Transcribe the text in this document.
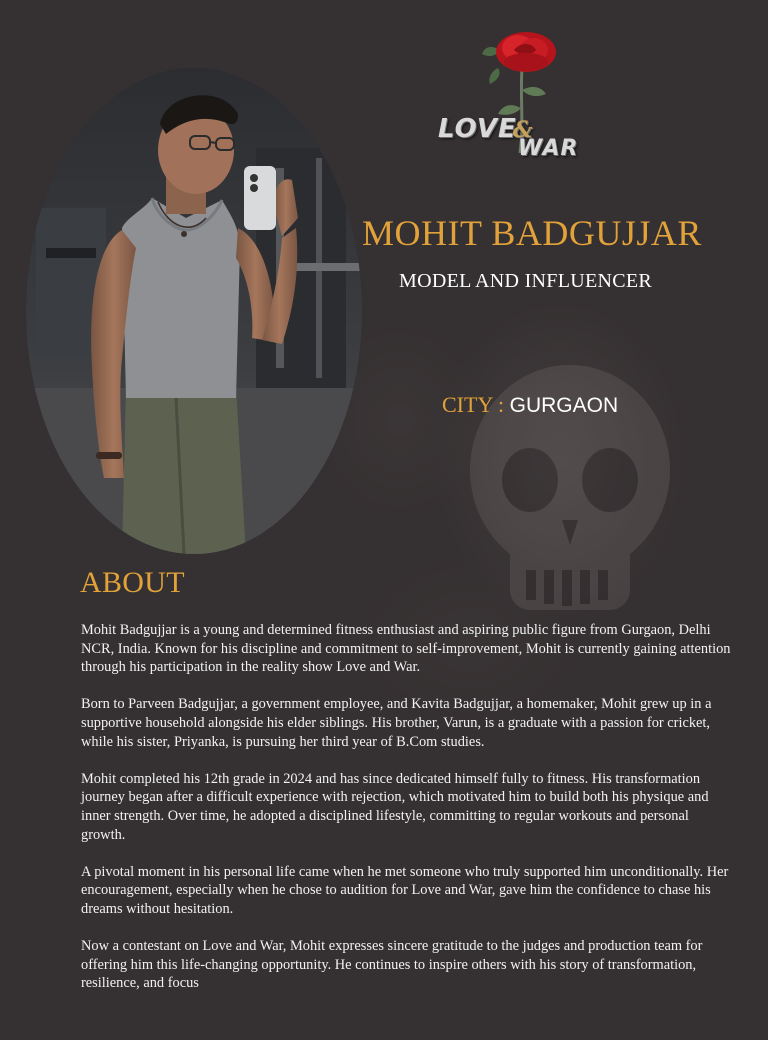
LOVE&
WAR
MOHIT BADGUJJAR
MODEL AND INFLUENCER
CITY : GURGAON
ABOUT

Mohit Badgujjar is a young and determined fitness enthusiast and aspiring public figure from Gurgaon, Delhi NCR, India. Known for his discipline and commitment to self-improvement, Mohit is currently gaining attention through his participation in the reality show Love and War.

Born to Parveen Badgujjar, a government employee, and Kavita Badgujjar, a homemaker, Mohit grew up in a supportive household alongside his elder siblings. His brother, Varun, is a graduate with a passion for cricket, while his sister, Priyanka, is pursuing her third year of B.Com studies.

Mohit completed his 12th grade in 2024 and has since dedicated himself fully to fitness. His transformation journey began after a difficult experience with rejection, which motivated him to build both his physique and inner strength. Over time, he adopted a disciplined lifestyle, committing to regular workouts and personal growth.

A pivotal moment in his personal life came when he met someone who truly supported him unconditionally. Her encouragement, especially when he chose to audition for Love and War, gave him the confidence to chase his dreams without hesitation.

Now a contestant on Love and War, Mohit expresses sincere gratitude to the judges and production team for offering him this life-changing opportunity. He continues to inspire others with his story of transformation, resilience, and focus
